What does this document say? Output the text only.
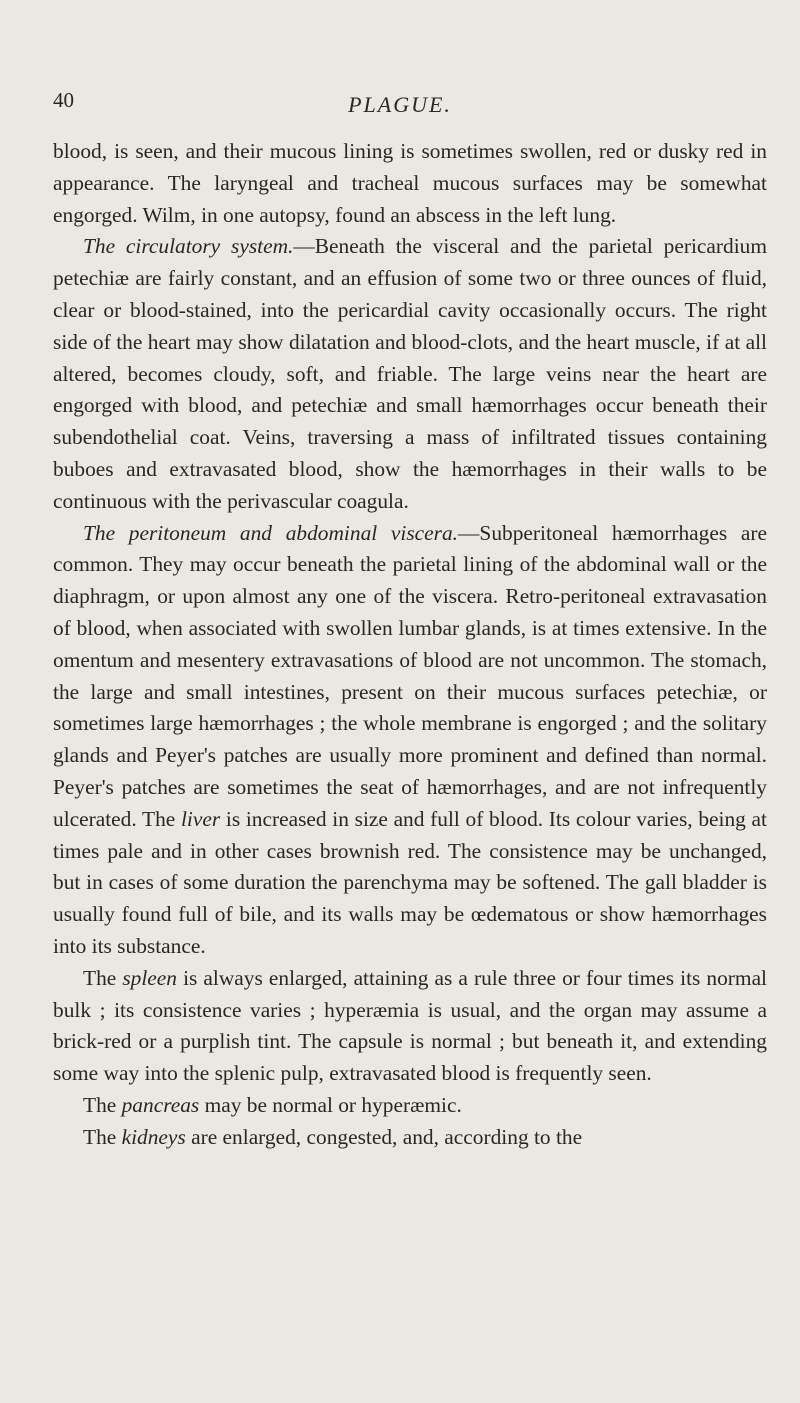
40	PLAGUE.

blood, is seen, and their mucous lining is sometimes swollen, red or dusky red in appearance. The laryngeal and tracheal mucous surfaces may be somewhat engorged. Wilm, in one autopsy, found an abscess in the left lung.

The circulatory system.—Beneath the visceral and the parietal pericardium petechiæ are fairly constant, and an effusion of some two or three ounces of fluid, clear or blood-stained, into the pericardial cavity occasionally occurs. The right side of the heart may show dilatation and blood-clots, and the heart muscle, if at all altered, becomes cloudy, soft, and friable. The large veins near the heart are engorged with blood, and petechiæ and small hæmorrhages occur beneath their subendothelial coat. Veins, traversing a mass of infiltrated tissues containing buboes and extravasated blood, show the hæmorrhages in their walls to be continuous with the perivascular coagula.

The peritoneum and abdominal viscera.—Subperitoneal hæmorrhages are common. They may occur beneath the parietal lining of the abdominal wall or the diaphragm, or upon almost any one of the viscera. Retro-peritoneal extravasation of blood, when associated with swollen lumbar glands, is at times extensive. In the omentum and mesentery extravasations of blood are not uncommon. The stomach, the large and small intestines, present on their mucous surfaces petechiæ, or sometimes large hæmorrhages ; the whole membrane is engorged ; and the solitary glands and Peyer's patches are usually more prominent and defined than normal. Peyer's patches are sometimes the seat of hæmorrhages, and are not infrequently ulcerated. The liver is increased in size and full of blood. Its colour varies, being at times pale and in other cases brownish red. The consistence may be unchanged, but in cases of some duration the parenchyma may be softened. The gall bladder is usually found full of bile, and its walls may be œdematous or show hæmorrhages into its substance.

The spleen is always enlarged, attaining as a rule three or four times its normal bulk ; its consistence varies ; hyperæmia is usual, and the organ may assume a brick-red or a purplish tint. The capsule is normal ; but beneath it, and extending some way into the splenic pulp, extravasated blood is frequently seen.

The pancreas may be normal or hyperæmic.

The kidneys are enlarged, congested, and, according to the
